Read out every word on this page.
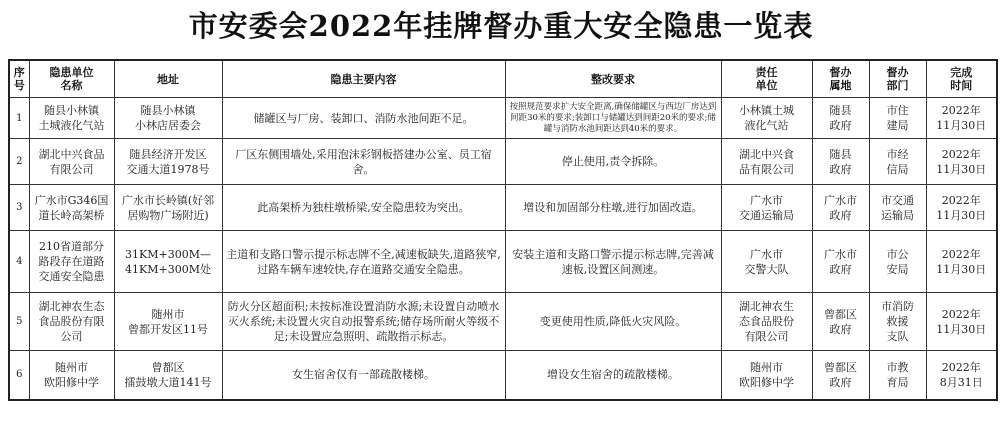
市安委会2022年挂牌督办重大安全隐患一览表
序
号	隐患单位
名称	地址	隐患主要内容	整改要求	责任
单位	督办
属地	督办
部门	完成
时间
1	随县小林镇
土城液化气站	随县小林镇
小林店居委会	储罐区与厂房、装卸口、消防水池间距不足。	按照规范要求扩大安全距离,确保储罐区与西边厂房达到间距30米的要求;装卸口与储罐达到间距20米的要求;储罐与消防水池间距达到40米的要求。	小林镇土城
液化气站	随县
政府	市住
建局	2022年
11月30日
2	湖北中兴食品
有限公司	随县经济开发区
交通大道1978号	厂区东侧围墙处,采用泡沫彩钢板搭建办公室、员工宿舍。	停止使用,责令拆除。	湖北中兴食
品有限公司	随县
政府	市经
信局	2022年
11月30日
3	广水市G346国
道长岭高架桥	广水市长岭镇(好邻
居购物广场附近)	此高架桥为独柱墩桥梁,安全隐患较为突出。	增设和加固部分柱墩,进行加固改造。	广水市
交通运输局	广水市
政府	市交通
运输局	2022年
11月30日
4	210省道部分
路段存在道路
交通安全隐患	31KM+300M—
41KM+300M处	主道和支路口警示提示标志牌不全,减速板缺失,道路狭窄,过路车辆车速较快,存在道路交通安全隐患。	安装主道和支路口警示提示标志牌,完善减速板,设置区间测速。	广水市
交警大队	广水市
政府	市公
安局	2022年
11月30日
5	湖北神农生态
食品股份有限
公司	随州市
曾都开发区11号	防火分区超面积;未按标准设置消防水源;未设置自动喷水灭火系统;未设置火灾自动报警系统;储存场所耐火等级不足;未设置应急照明、疏散指示标志。	变更使用性质,降低火灾风险。	湖北神农生
态食品股份
有限公司	曾都区
政府	市消防
救援
支队	2022年
11月30日
6	随州市
欧阳修中学	曾都区
擂鼓墩大道141号	女生宿舍仅有一部疏散楼梯。	增设女生宿舍的疏散楼梯。	随州市
欧阳修中学	曾都区
政府	市教
育局	2022年
8月31日
